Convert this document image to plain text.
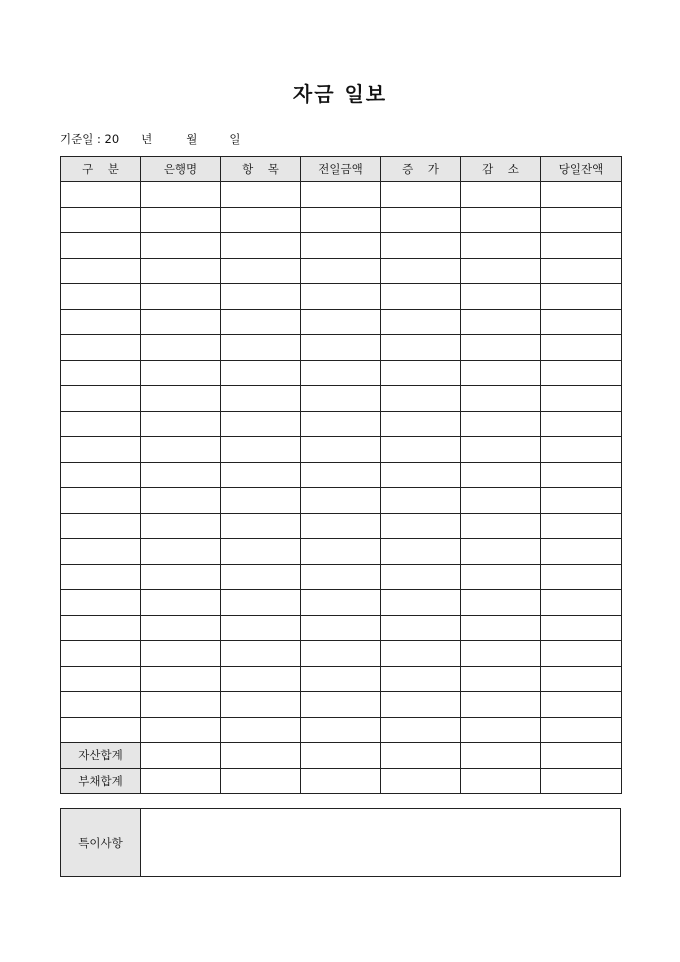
자금 일보
기준일 : 20 년	월	일
구    분	은행명	항    목	전일금액	증    가	감    소	당일잔액

자산합계						
부채합계						
특이사항	
